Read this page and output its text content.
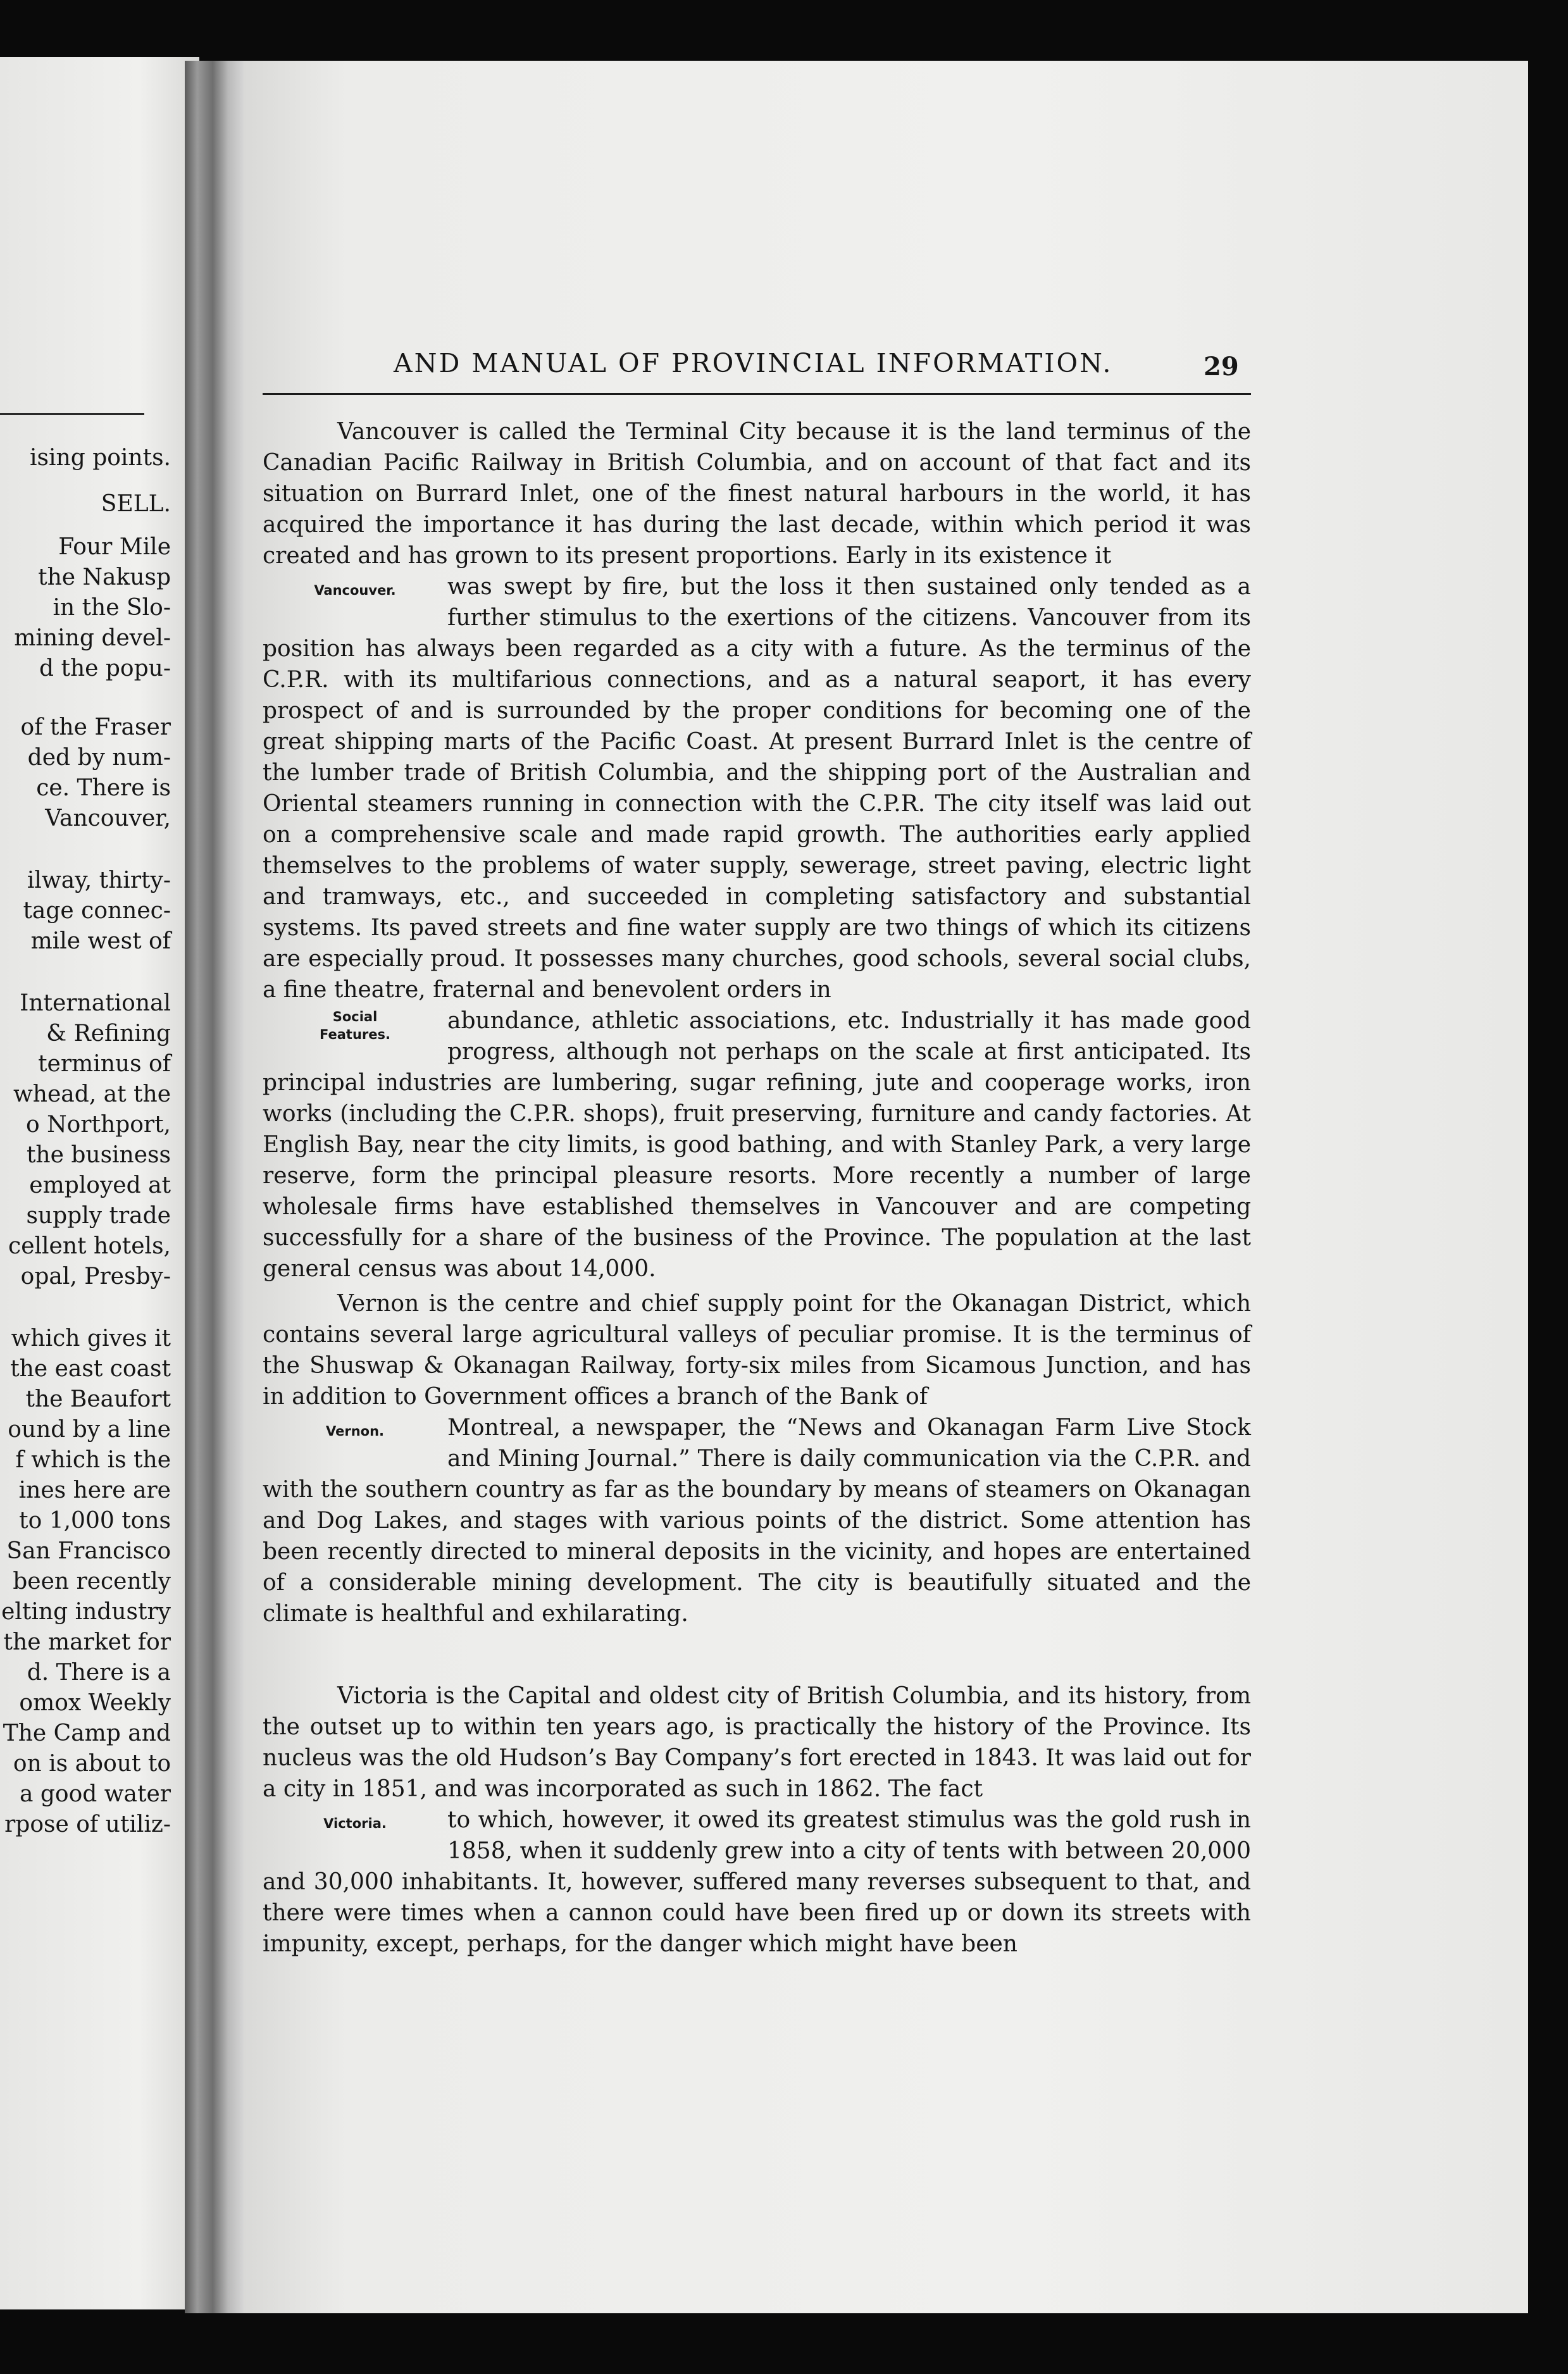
ising points.
SELL.
Four Mile
the Nakusp
in the Slo-
mining devel-
d the popu-
of the Fraser
ded by num-
ce. There is
Vancouver,
ilway, thirty-
tage connec-
mile west of
International
& Refining
terminus of
whead, at the
o Northport,
the business
employed at
supply trade
cellent hotels,
opal, Presby-
which gives it
the east coast
the Beaufort
ound by a line
f which is the
ines here are
to 1,000 tons
San Francisco
been recently
elting industry
the market for
d. There is a
omox Weekly
The Camp and
on is about to
a good water
rpose of utiliz-
AND MANUAL OF PROVINCIAL INFORMATION.	29

Vancouver is called the Terminal City because it is the land terminus of the Canadian Pacific Railway in British Columbia, and on account of that fact and its situation on Burrard Inlet, one of the finest natural harbours in the world, it has acquired the importance it has during the last decade, within which period it was created and has grown to its present proportions. Early in its existence it

Vancouver.	was swept by fire, but the loss it then sustained only tended as a further stimulus to the exertions of the citizens. Vancouver from its position has always been regarded as a city with a future. As the terminus of the C.P.R. with its multifarious connections, and as a natural seaport, it has every prospect of and is surrounded by the proper conditions for becoming one of the great shipping marts of the Pacific Coast. At present Burrard Inlet is the centre of the lumber trade of British Columbia, and the shipping port of the Australian and Oriental steamers running in connection with the C.P.R. The city itself was laid out on a comprehensive scale and made rapid growth. The authorities early applied themselves to the problems of water supply, sewerage, street paving, electric light and tramways, etc., and succeeded in completing satisfactory and substantial systems. Its paved streets and fine water supply are two things of which its citizens are especially proud. It possesses many churches, good schools, several social clubs, a fine theatre, fraternal and benevolent orders in

Social
Features.

abundance, athletic associations, etc. Industrially it has made good progress, although not perhaps on the scale at first anticipated. Its principal industries are lumbering, sugar refining, jute and cooperage works, iron works (including the C.P.R. shops), fruit preserving, furniture and candy factories. At English Bay, near the city limits, is good bathing, and with Stanley Park, a very large reserve, form the principal pleasure resorts. More recently a number of large wholesale firms have established themselves in Vancouver and are competing successfully for a share of the business of the Province. The population at the last general census was about 14,000.

Vernon is the centre and chief supply point for the Okanagan District, which contains several large agricultural valleys of peculiar promise. It is the terminus of the Shuswap & Okanagan Railway, forty-six miles from Sicamous Junction, and has in addition to Government offices a branch of the Bank of

Vernon.	Montreal, a newspaper, the “News and Okanagan Farm Live Stock and Mining Journal.” There is daily communication via the C.P.R. and with the southern country as far as the boundary by means of steamers on Okanagan and Dog Lakes, and stages with various points of the district. Some attention has been recently directed to mineral deposits in the vicinity, and hopes are entertained of a considerable mining development. The city is beautifully situated and the climate is healthful and exhilarating.

Victoria is the Capital and oldest city of British Columbia, and its history, from the outset up to within ten years ago, is practically the history of the Province. Its nucleus was the old Hudson’s Bay Company’s fort erected in 1843. It was laid out for a city in 1851, and was incorporated as such in 1862. The fact

Victoria.	to which, however, it owed its greatest stimulus was the gold rush in 1858, when it suddenly grew into a city of tents with between 20,000 and 30,000 inhabitants. It, however, suffered many reverses subsequent to that, and there were times when a cannon could have been fired up or down its streets with impunity, except, perhaps, for the danger which might have been
